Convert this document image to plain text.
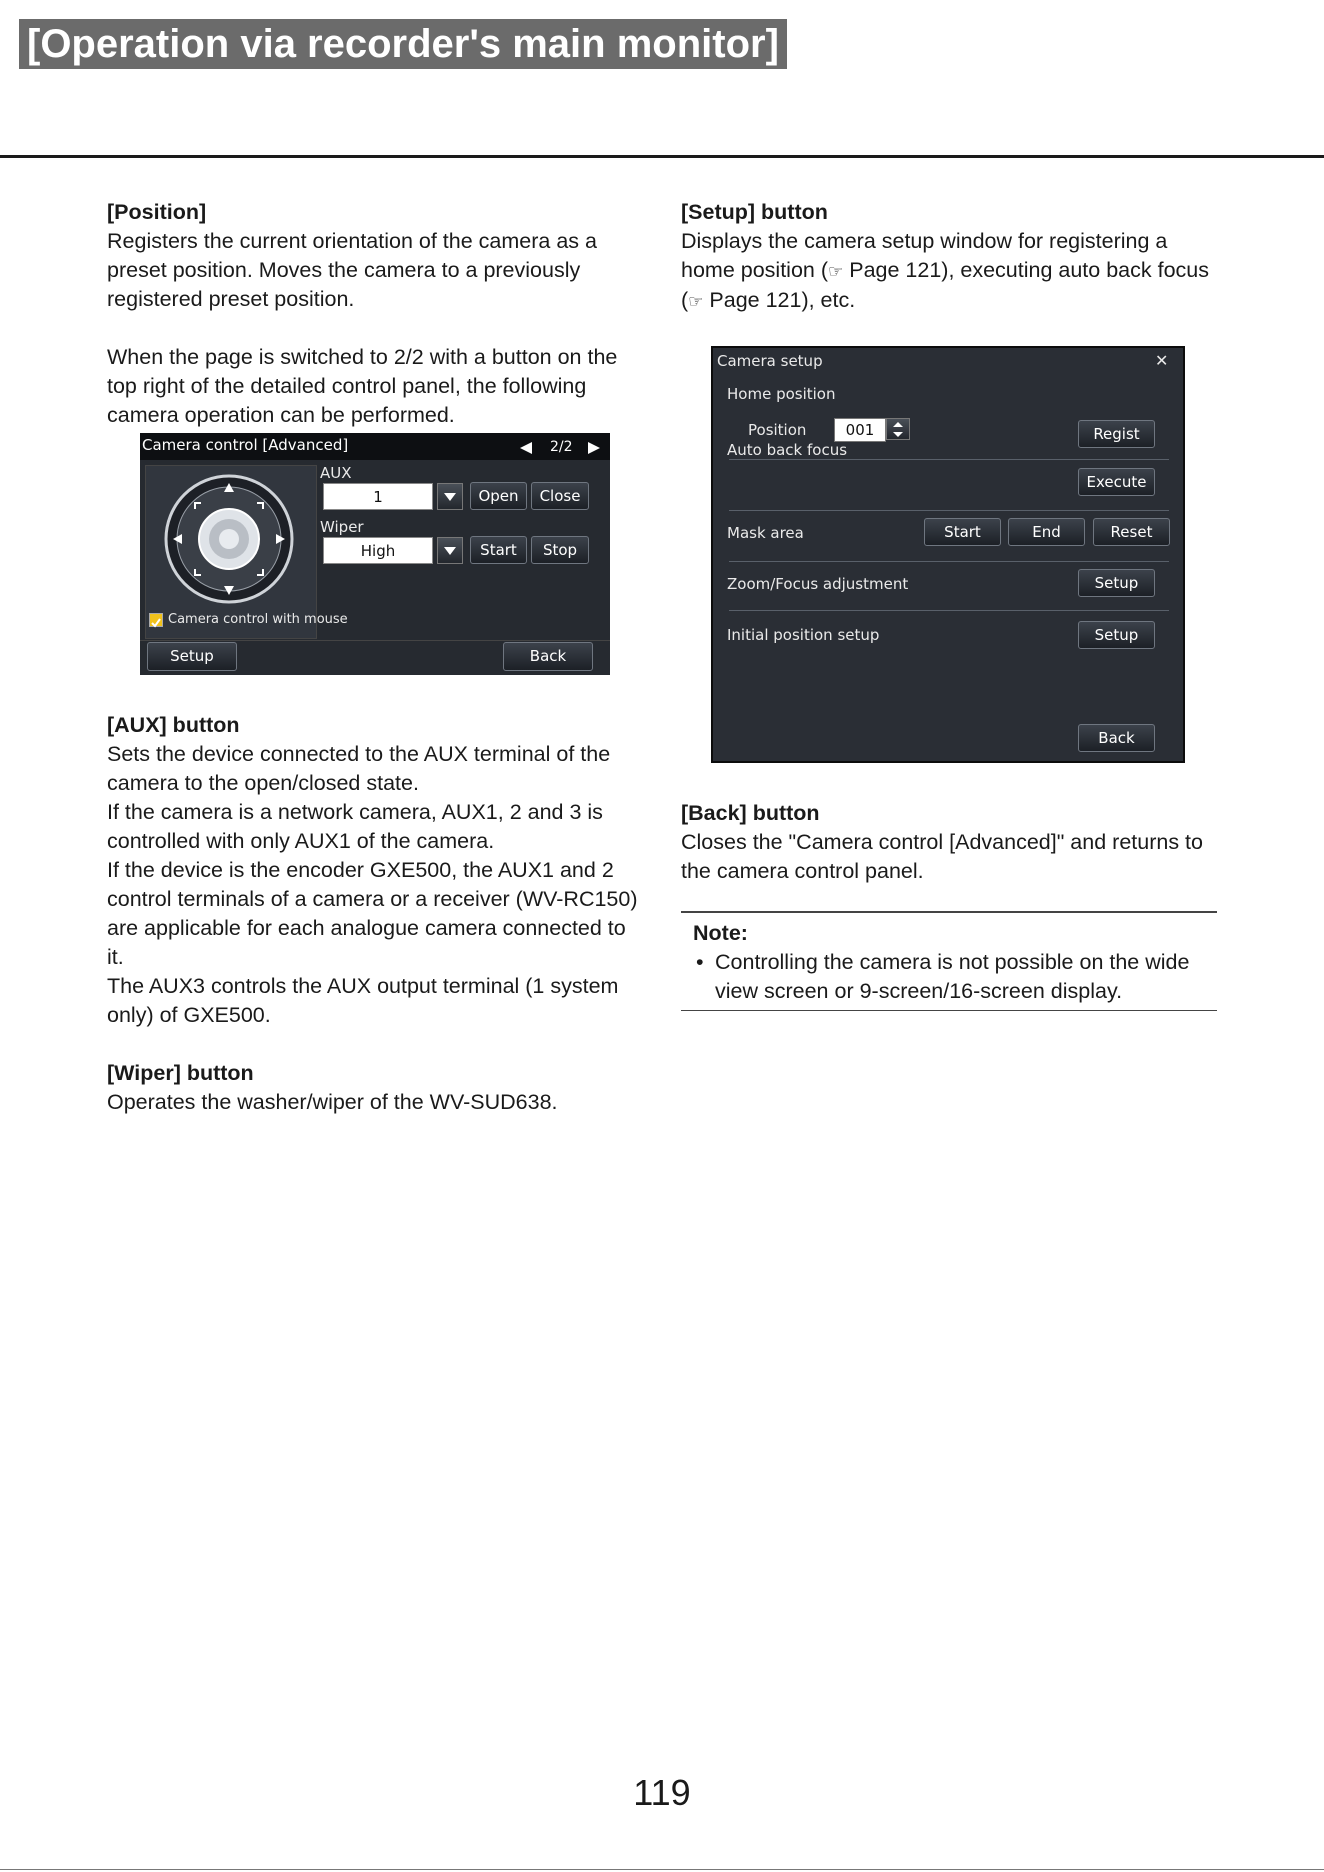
[Operation via recorder's main monitor]

[Position]

Registers the current orientation of the camera as a preset position. Moves the camera to a previously registered preset position.

When the page is switched to 2/2 with a button on the top right of the detailed control panel, the following camera operation can be performed.

[AUX] button

Sets the device connected to the AUX terminal of the camera to the open/closed state.

If the camera is a network camera, AUX1, 2 and 3 is controlled with only AUX1 of the camera.

If the device is the encoder GXE500, the AUX1 and 2 control terminals of a camera or a receiver (WV-RC150) are applicable for each analogue camera connected to it.

The AUX3 controls the AUX output terminal (1 system only) of GXE500.

[Wiper] button

Operates the washer/wiper of the WV-SUD638.

Camera control [Advanced]	2/2
AUX
1	Open	Close
Wiper
High	Start	Stop
Camera control with mouse
Setup	Back

[Setup] button

Displays the camera setup window for registering a home position (☞ Page 121), executing auto back focus (☞ Page 121), etc.

Camera setup	✕
Home position
Position	001	Regist
Auto back focus
Execute
Mask area	Start	End	Reset
Zoom/Focus adjustment	Setup
Initial position setup	Setup
Back

[Back] button

Closes the "Camera control [Advanced]" and returns to the camera control panel.

Note:

• Controlling the camera is not possible on the wide view screen or 9-screen/16-screen display.
119
